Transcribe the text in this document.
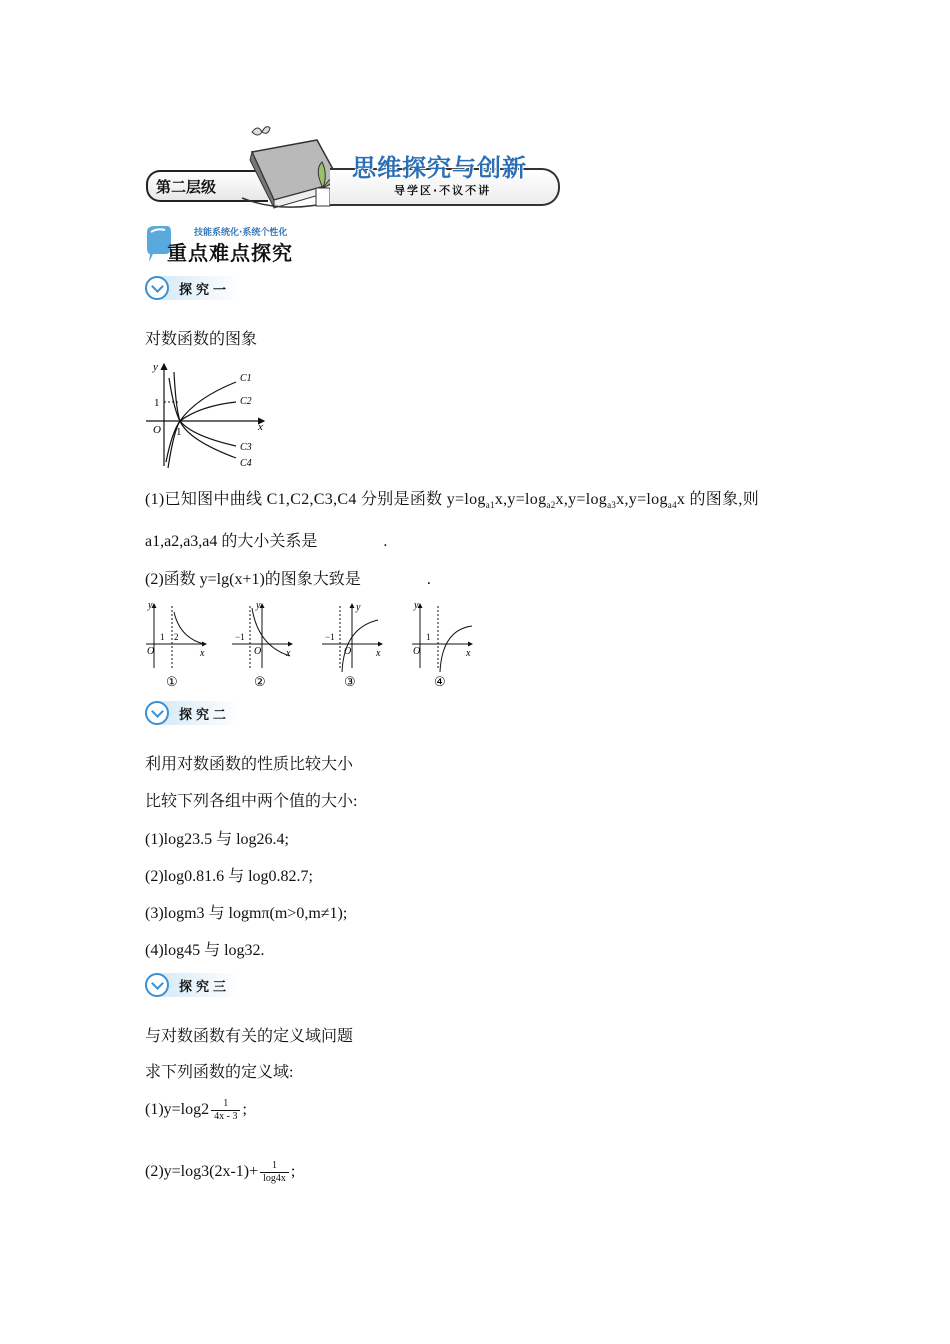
第二层级
思维探究与创新
导学区·不议不讲
技能系统化·系统个性化
重点难点探究
探究一
对数函数的图象
y
x
1
O 1
C1
C2
C3
C4
(1)已知图中曲线 C1,C2,C3,C4 分别是函数 $y=\log_{a1}x,y=\log_{a2}x,y=\log_{a3}x,y=\log_{a4}x$ 的图象,则
a1,a2,a3,a4 的大小关系是	.
(2)函数 y=lg(x+1)的图象大致是	.
y
x
O
1 2
y
x
O
−1
y
x
O
−1
y
x
O
1
①	②	③	④
探究二
利用对数函数的性质比较大小
比较下列各组中两个值的大小:
(1)log23.5 与 log26.4;
(2)log0.81.6 与 log0.82.7;
(3)logm3 与 logmπ(m>0,m≠1);
(4)log45 与 log32.
探究三
与对数函数有关的定义域问题
求下列函数的定义域:
$(1)y=\log 2 \frac{1}{4x - 3}$ ;
$(2)y=\log 3(2x-1)+ \frac{1}{\log 4x}$ ;
